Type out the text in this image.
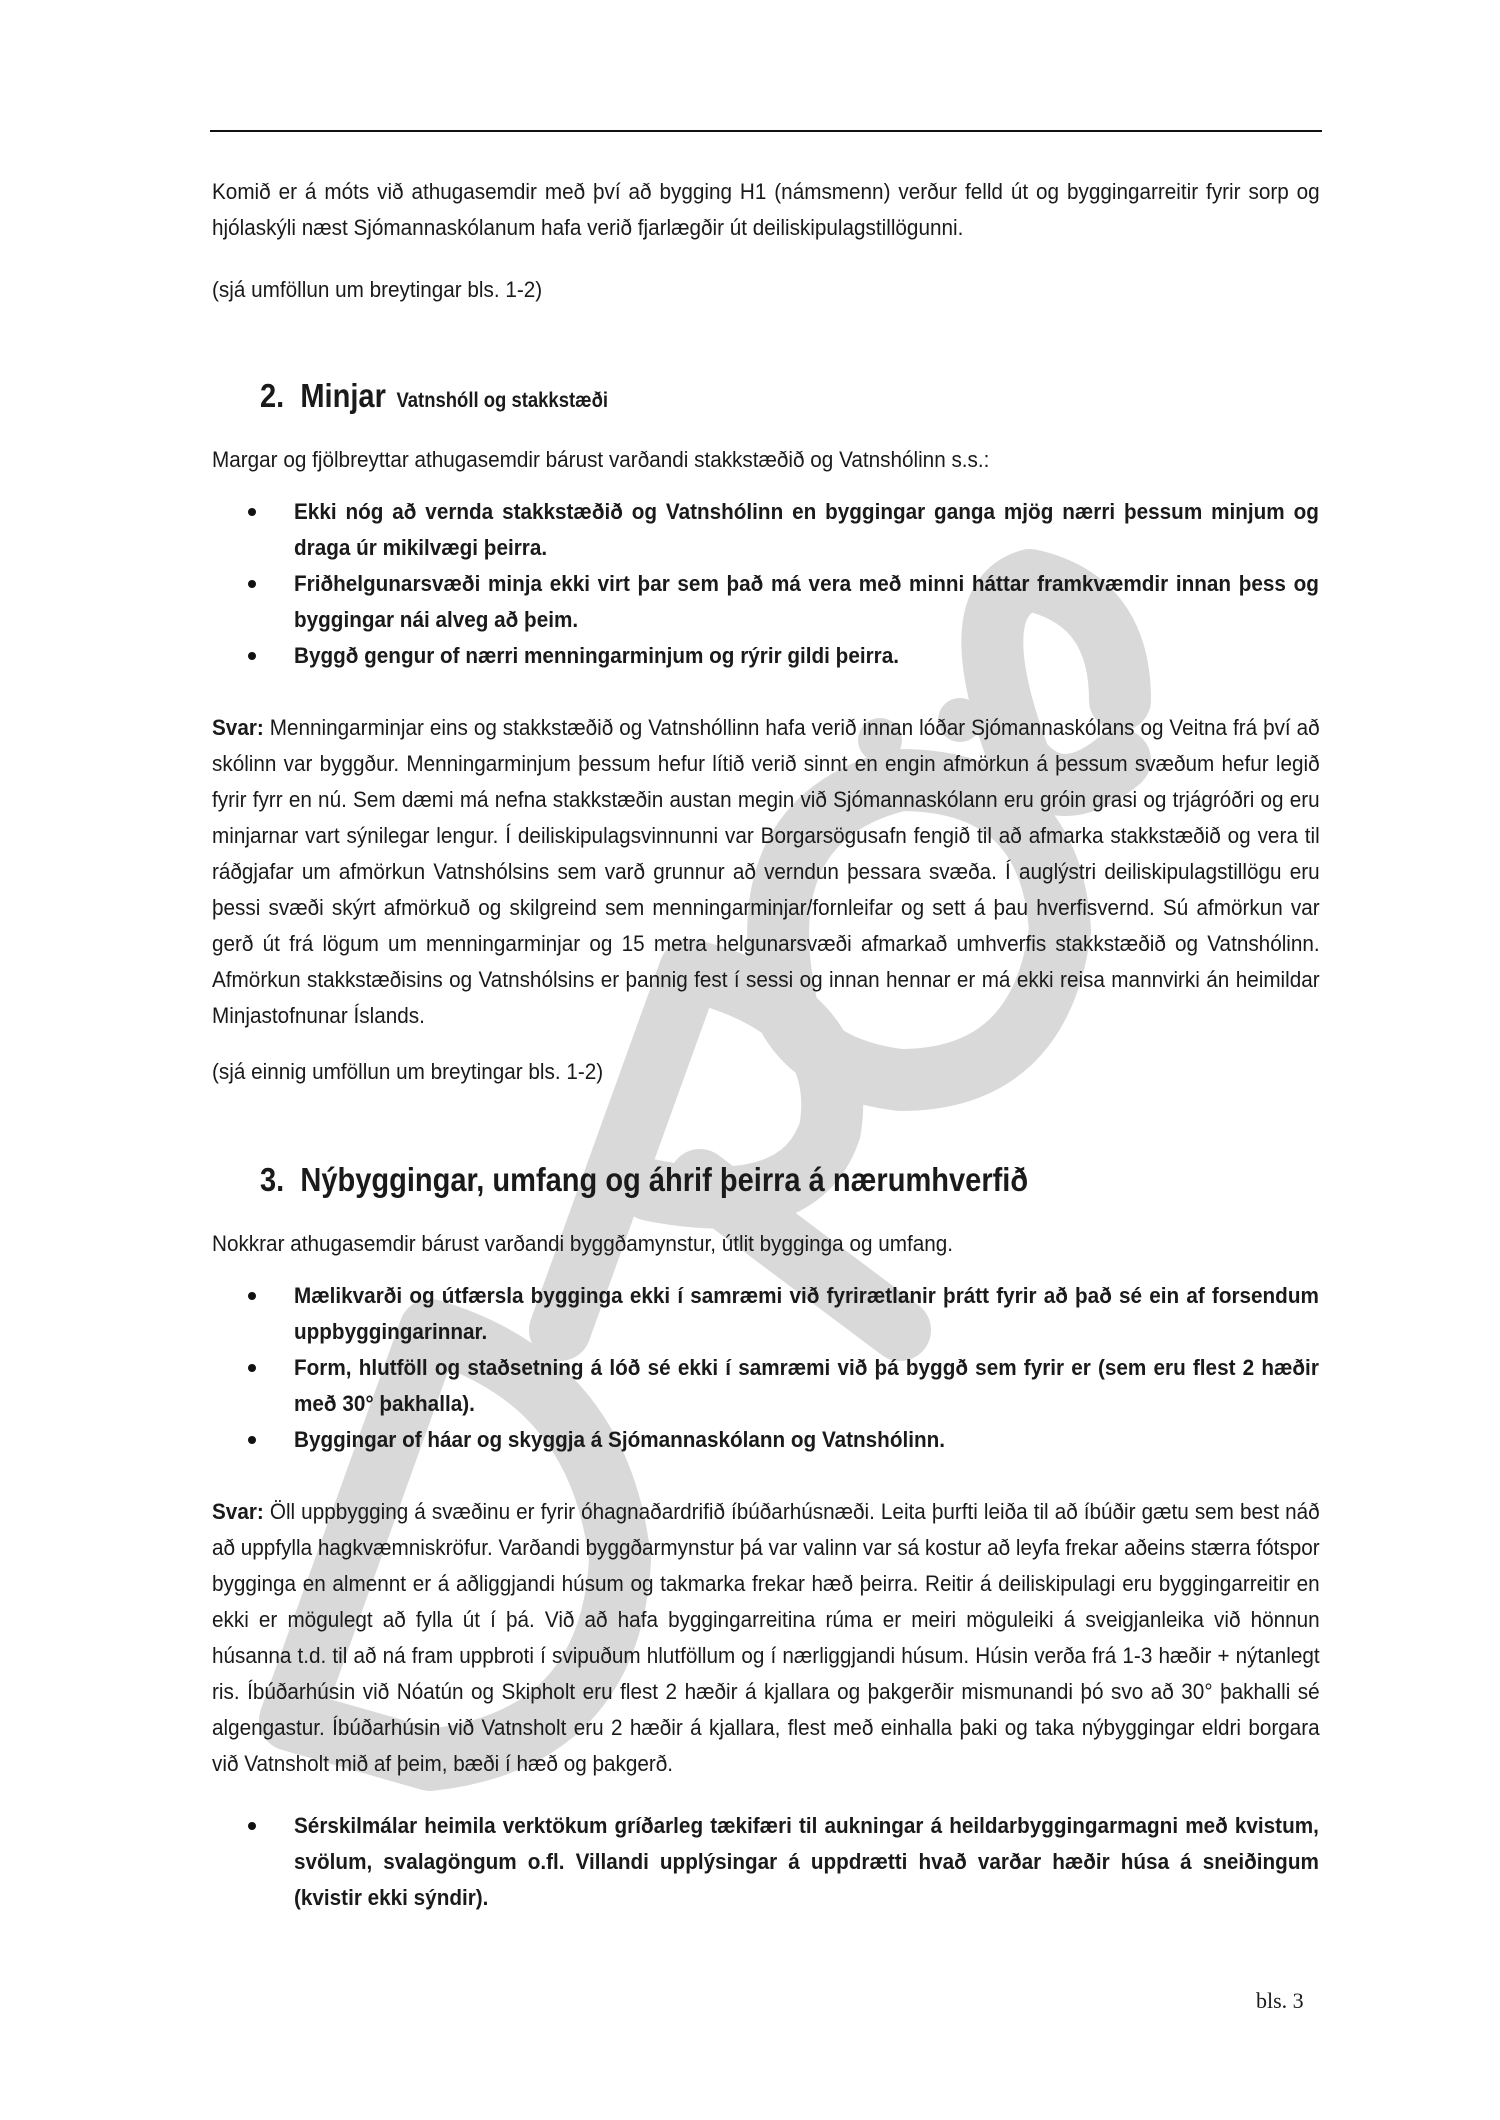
Komið er á móts við athugasemdir með því að bygging H1 (námsmenn) verður felld út og byggingarreitir fyrir sorp og hjólaskýli næst Sjómannaskólanum hafa verið fjarlægðir út deiliskipulagstillögunni.

(sjá umföllun um breytingar bls. 1-2)

2. Minjar Vatnshóll og stakkstæði

Margar og fjölbreyttar athugasemdir bárust varðandi stakkstæðið og Vatnshólinn s.s.:

Ekki nóg að vernda stakkstæðið og Vatnshólinn en byggingar ganga mjög nærri þessum minjum og draga úr mikilvægi þeirra.
Friðhelgunarsvæði minja ekki virt þar sem það má vera með minni háttar framkvæmdir innan þess og byggingar nái alveg að þeim.
Byggð gengur of nærri menningarminjum og rýrir gildi þeirra.

Svar: Menningarminjar eins og stakkstæðið og Vatnshóllinn hafa verið innan lóðar Sjómannaskólans og Veitna frá því að skólinn var byggður. Menningarminjum þessum hefur lítið verið sinnt en engin afmörkun á þessum svæðum hefur legið fyrir fyrr en nú. Sem dæmi má nefna stakkstæðin austan megin við Sjómannaskólann eru gróin grasi og trjágróðri og eru minjarnar vart sýnilegar lengur. Í deiliskipulagsvinnunni var Borgarsögusafn fengið til að afmarka stakkstæðið og vera til ráðgjafar um afmörkun Vatnshólsins sem varð grunnur að verndun þessara svæða. Í auglýstri deiliskipulagstillögu eru þessi svæði skýrt afmörkuð og skilgreind sem menningarminjar/fornleifar og sett á þau hverfisvernd. Sú afmörkun var gerð út frá lögum um menningarminjar og 15 metra helgunarsvæði afmarkað umhverfis stakkstæðið og Vatnshólinn. Afmörkun stakkstæðisins og Vatnshólsins er þannig fest í sessi og innan hennar er má ekki reisa mannvirki án heimildar Minjastofnunar Íslands.

(sjá einnig umföllun um breytingar bls. 1-2)

3. Nýbyggingar, umfang og áhrif þeirra á nærumhverfið

Nokkrar athugasemdir bárust varðandi byggðamynstur, útlit bygginga og umfang.

Mælikvarði og útfærsla bygginga ekki í samræmi við fyrirætlanir þrátt fyrir að það sé ein af forsendum uppbyggingarinnar.
Form, hlutföll og staðsetning á lóð sé ekki í samræmi við þá byggð sem fyrir er (sem eru flest 2 hæðir með 30° þakhalla).
Byggingar of háar og skyggja á Sjómannaskólann og Vatnshólinn.

Svar: Öll uppbygging á svæðinu er fyrir óhagnaðardrifið íbúðarhúsnæði. Leita þurfti leiða til að íbúðir gætu sem best náð að uppfylla hagkvæmniskröfur. Varðandi byggðarmynstur þá var valinn var sá kostur að leyfa frekar aðeins stærra fótspor bygginga en almennt er á aðliggjandi húsum og takmarka frekar hæð þeirra. Reitir á deiliskipulagi eru byggingarreitir en ekki er mögulegt að fylla út í þá. Við að hafa byggingarreitina rúma er meiri möguleiki á sveigjanleika við hönnun húsanna t.d. til að ná fram uppbroti í svipuðum hlutföllum og í nærliggjandi húsum. Húsin verða frá 1-3 hæðir + nýtanlegt ris. Íbúðarhúsin við Nóatún og Skipholt eru flest 2 hæðir á kjallara og þakgerðir mismunandi þó svo að 30° þakhalli sé algengastur. Íbúðarhúsin við Vatnsholt eru 2 hæðir á kjallara, flest með einhalla þaki og taka nýbyggingar eldri borgara við Vatnsholt mið af þeim, bæði í hæð og þakgerð.

Sérskilmálar heimila verktökum gríðarleg tækifæri til aukningar á heildarbyggingarmagni með kvistum, svölum, svalagöngum o.fl. Villandi upplýsingar á uppdrætti hvað varðar hæðir húsa á sneiðingum (kvistir ekki sýndir).
bls. 3
